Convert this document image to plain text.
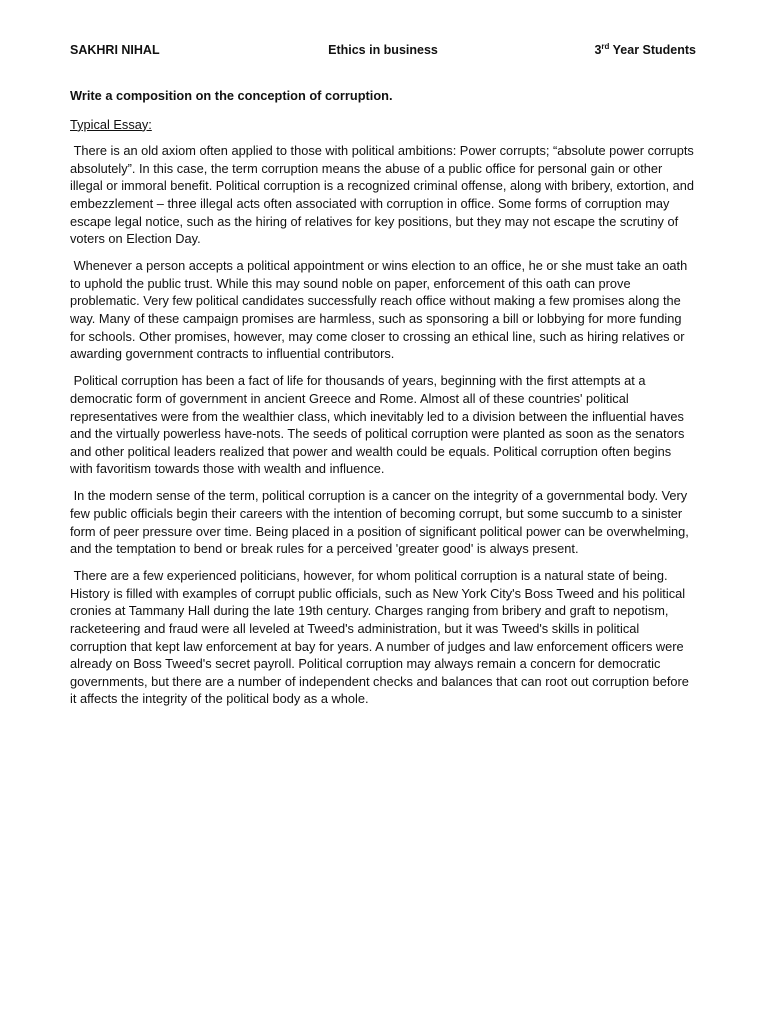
SAKHRI NIHAL	Ethics in business	3rd Year Students

Write a composition on the conception of corruption.

Typical Essay:

There is an old axiom often applied to those with political ambitions: Power corrupts; “absolute power corrupts absolutely”. In this case, the term corruption means the abuse of a public office for personal gain or other illegal or immoral benefit. Political corruption is a recognized criminal offense, along with bribery, extortion, and embezzlement – three illegal acts often associated with corruption in office. Some forms of corruption may escape legal notice, such as the hiring of relatives for key positions, but they may not escape the scrutiny of voters on Election Day.

Whenever a person accepts a political appointment or wins election to an office, he or she must take an oath to uphold the public trust. While this may sound noble on paper, enforcement of this oath can prove problematic. Very few political candidates successfully reach office without making a few promises along the way. Many of these campaign promises are harmless, such as sponsoring a bill or lobbying for more funding for schools. Other promises, however, may come closer to crossing an ethical line, such as hiring relatives or awarding government contracts to influential contributors.

Political corruption has been a fact of life for thousands of years, beginning with the first attempts at a democratic form of government in ancient Greece and Rome. Almost all of these countries' political representatives were from the wealthier class, which inevitably led to a division between the influential haves and the virtually powerless have-nots. The seeds of political corruption were planted as soon as the senators and other political leaders realized that power and wealth could be equals. Political corruption often begins with favoritism towards those with wealth and influence.

In the modern sense of the term, political corruption is a cancer on the integrity of a governmental body. Very few public officials begin their careers with the intention of becoming corrupt, but some succumb to a sinister form of peer pressure over time. Being placed in a position of significant political power can be overwhelming, and the temptation to bend or break rules for a perceived 'greater good' is always present.

There are a few experienced politicians, however, for whom political corruption is a natural state of being. History is filled with examples of corrupt public officials, such as New York City's Boss Tweed and his political cronies at Tammany Hall during the late 19th century. Charges ranging from bribery and graft to nepotism, racketeering and fraud were all leveled at Tweed's administration, but it was Tweed's skills in political corruption that kept law enforcement at bay for years. A number of judges and law enforcement officers were already on Boss Tweed's secret payroll. Political corruption may always remain a concern for democratic governments, but there are a number of independent checks and balances that can root out corruption before it affects the integrity of the political body as a whole.
